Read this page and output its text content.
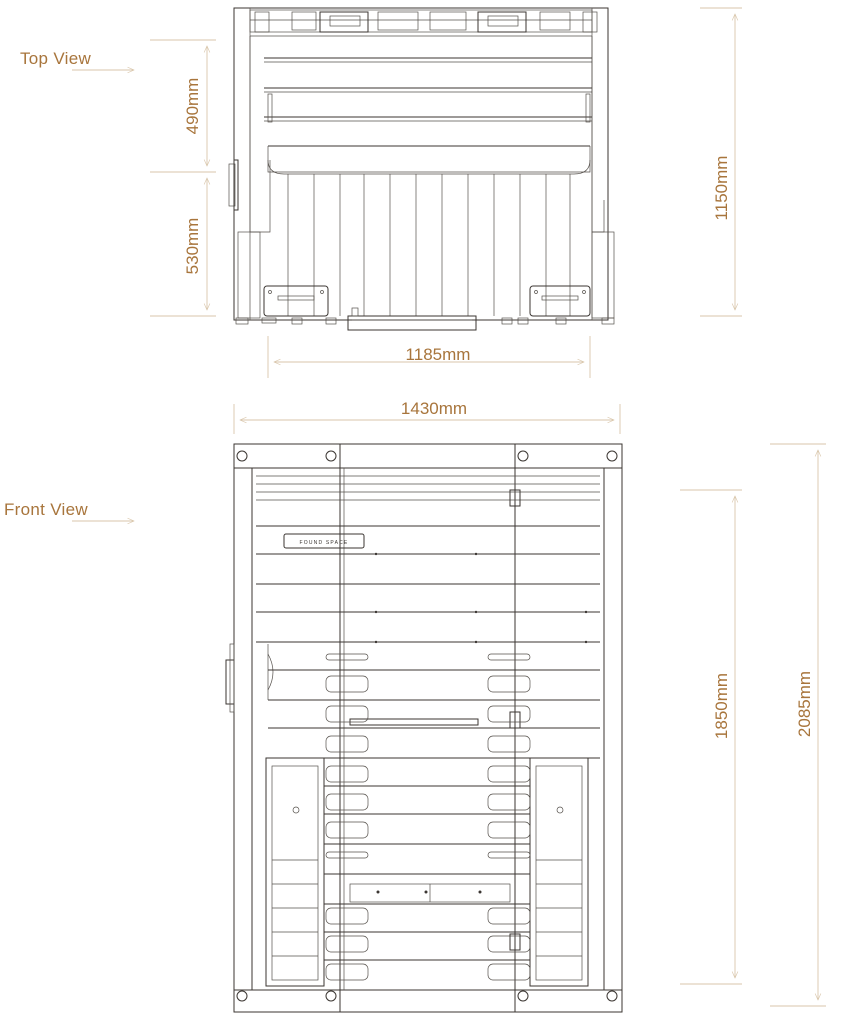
Top View
Front View
490mm
530mm
1150mm
1185mm
1430mm
1850mm	2085mm
FOUND SPACE
